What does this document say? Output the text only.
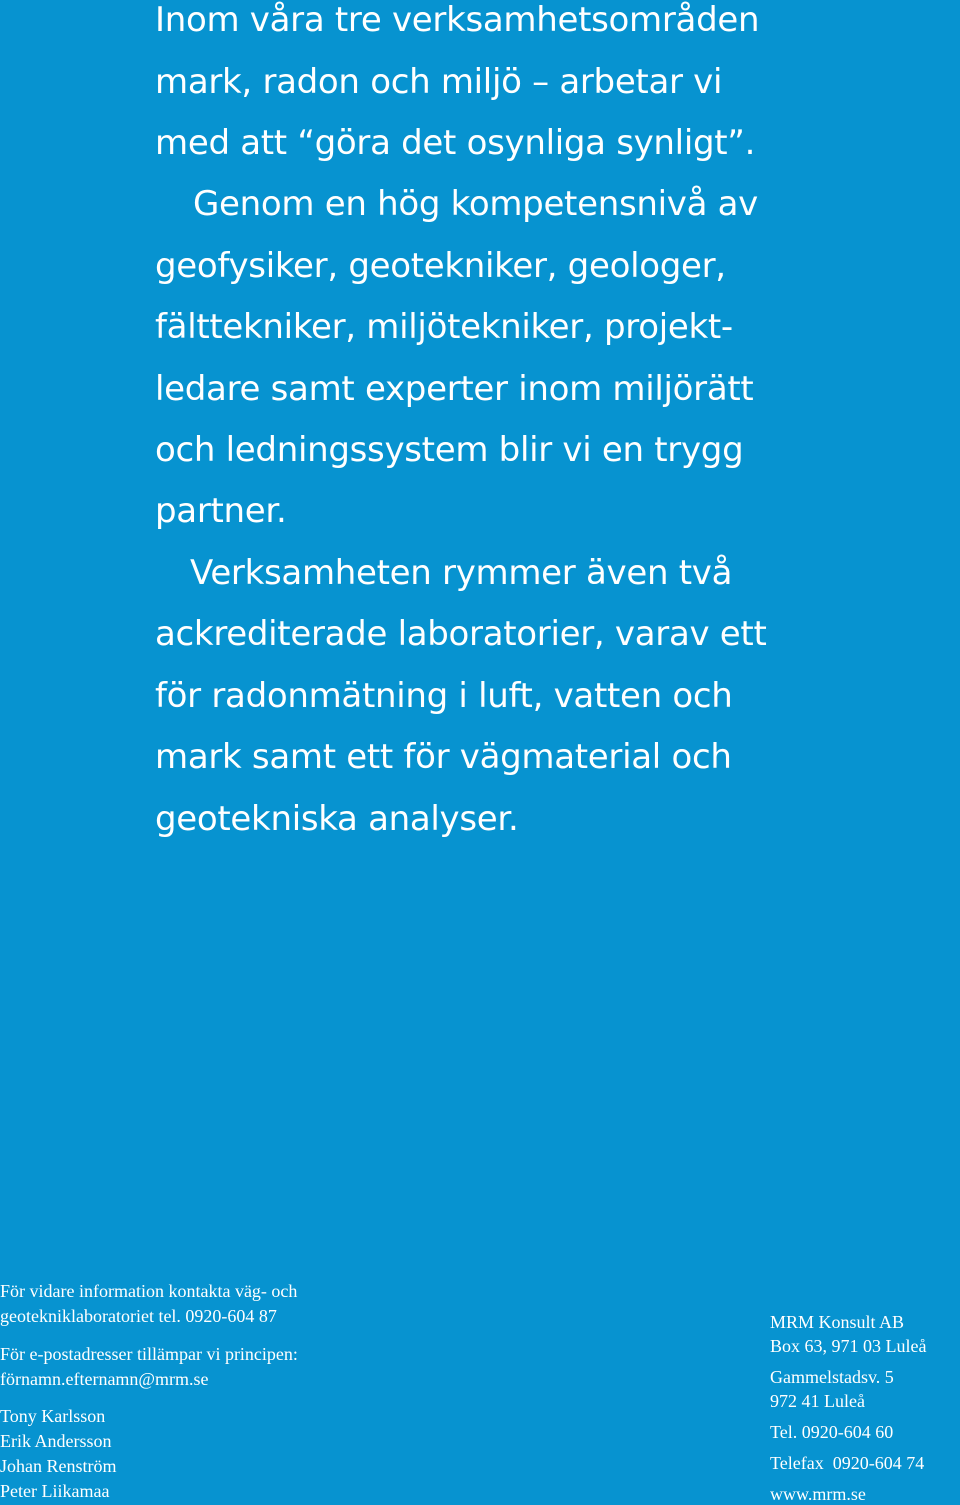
Inom våra tre verksamhetsområden
mark, radon och miljö – arbetar vi
med att “göra det osynliga synligt”.
Genom en hög kompetensnivå av
geofysiker, geotekniker, geologer,
fälttekniker, miljötekniker, projekt-
ledare samt experter inom miljörätt
och ledningssystem blir vi en trygg
partner.
Verksamheten rymmer även två
ackrediterade laboratorier, varav ett
för radonmätning i luft, vatten och
mark samt ett för vägmaterial och
geotekniska analyser.
För vidare information kontakta väg- och
geotekniklaboratoriet tel. 0920-604 87
För e-postadresser tillämpar vi principen:
förnamn.efternamn@mrm.se
Tony Karlsson
Erik Andersson
Johan Renström
Peter Liikamaa
MRM Konsult AB
Box 63, 971 03 Luleå
Gammelstadsv. 5
972 41 Luleå
Tel. 0920-604 60
Telefax  0920-604 74
www.mrm.se
